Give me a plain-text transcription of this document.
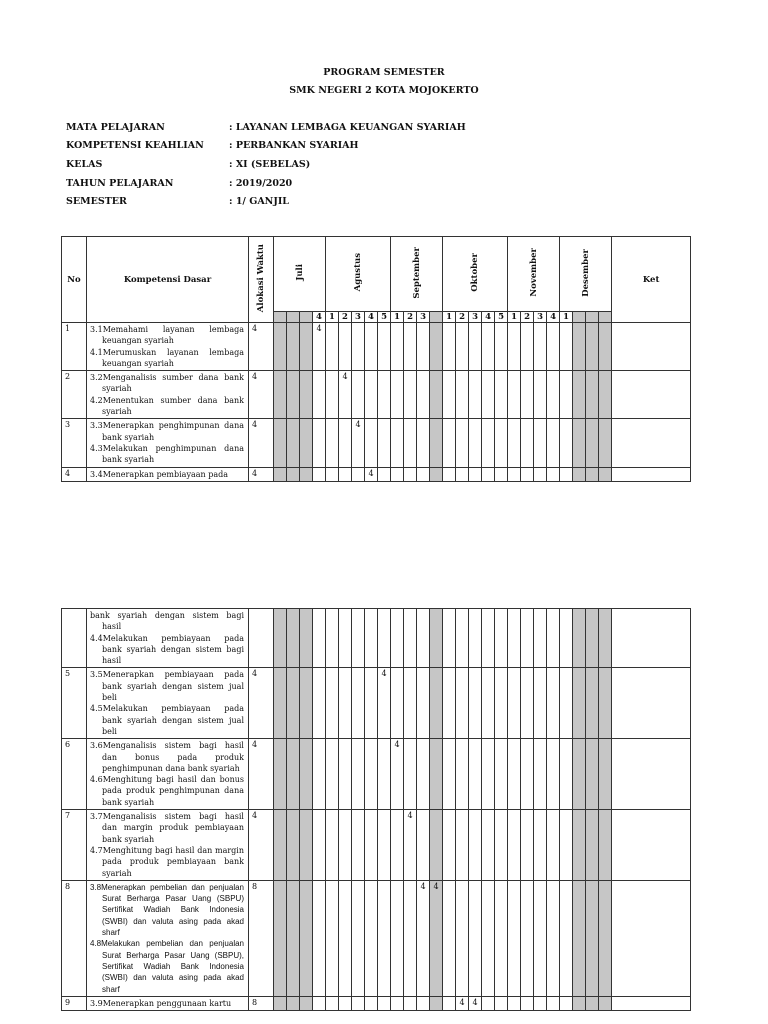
PROGRAM SEMESTER
SMK NEGERI 2 KOTA MOJOKERTO
MATA PELAJARAN	: LAYANAN LEMBAGA KEUANGAN SYARIAH
KOMPETENSI KEAHLIAN	: PERBANKAN SYARIAH
KELAS	: XI (SEBELAS)
TAHUN PELAJARAN	: 2019/2020
SEMESTER	: 1/ GANJIL
No	Kompetensi Dasar	Alokasi Waktu	Juli				Agustus					September				Oktober					November				Desember				Ket
						4	1	2	3	4	5	1	2	3		1	2	3	4	5	1	2	3	4	1				
1	3.1Memahami layanan lembaga keuangan syariah
4.1Merumuskan layanan lembaga keuangan syariah	4				4																							
2	3.2Menganalisis sumber dana bank syariah
4.2Menentukan sumber dana bank syariah	4						4																					
3	3.3Menerapkan penghimpunan dana bank syariah
4.3Melakukan penghimpunan dana bank syariah	4							4																				
4	3.4Menerapkan pembiayaan pada	4								4																			

	bank syariah dengan sistem bagi hasil
4.4Melakukan pembiayaan pada bank syariah dengan sistem bagi hasil																												

5	3.5Menerapkan pembiayaan pada bank syariah dengan sistem jual beli
4.5Melakukan pembiayaan pada bank syariah dengan sistem jual beli	4									4																		
6	3.6Menganalisis sistem bagi hasil dan bonus pada produk penghimpunan dana bank syariah
4.6Menghitung bagi hasil dan bonus pada produk penghimpunan dana bank syariah	4										4																	
7	3.7Menganalisis sistem bagi hasil dan margin produk pembiayaan bank syariah
4.7Menghitung bagi hasil dan margin pada produk pembiayaan bank syariah	4											4																
8	3.8Menerapkan pembelian dan penjualan Surat Berharga Pasar Uang (SBPU) Sertifikat Wadiah Bank Indonesia (SWBI) dan valuta asing pada akad sharf
4.8Melakukan pembelian dan penjualan Surat Berharga Pasar Uang (SBPU), Sertifikat Wadiah Bank Indonesia (SWBI) dan valuta asing pada akad sharf	8												4	4														
9	3.9Menerapkan penggunaan kartu	8															4	4											
